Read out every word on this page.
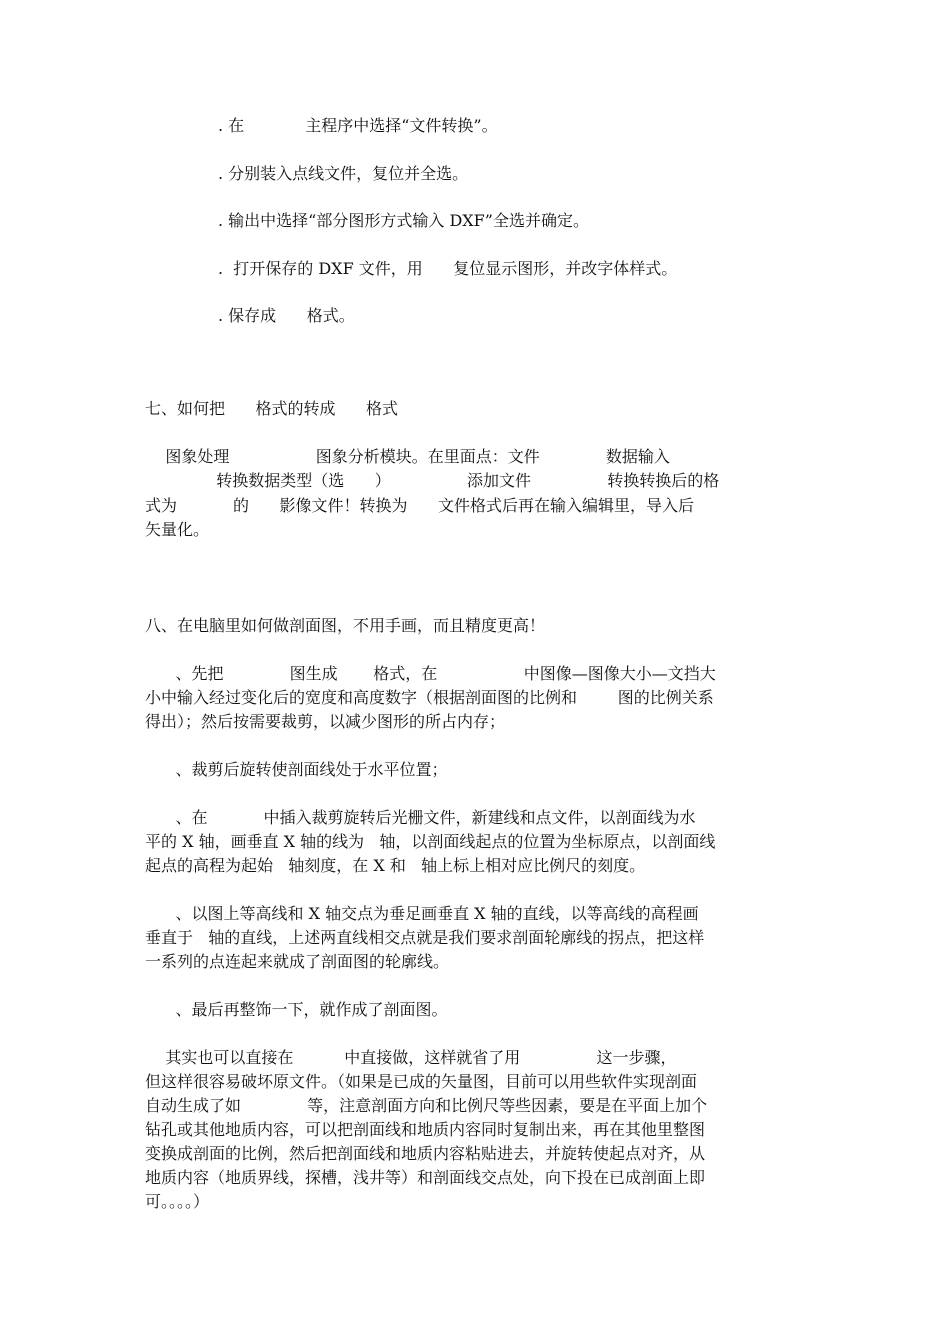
. 在            主程序中选择“文件转换”。
. 分别装入点线文件，复位并全选。
. 输出中选择“部分图形方式输入 DXF”全选并确定。
.  打开保存的 DXF 文件，用      复位显示图形，并改字体样式。
. 保存成      格式。
七、如何把      格式的转成      格式
图象处理                 图象分析模块。在里面点：文件             数据输入
转换数据类型（选      ）               添加文件               转换转换后的格
式为           的      影像文件！转换为      文件格式后再在输入编辑里，导入后
矢量化。
八、在电脑里如何做剖面图，不用手画，而且精度更高！
、先把             图生成       格式，在                 中图像—图像大小—文挡大
小中输入经过变化后的宽度和高度数字（根据剖面图的比例和        图的比例关系
得出）；然后按需要裁剪，以减少图形的所占内存；
、裁剪后旋转使剖面线处于水平位置；
、在           中插入裁剪旋转后光栅文件，新建线和点文件，以剖面线为水
平的 X 轴，画垂直 X 轴的线为   轴，以剖面线起点的位置为坐标原点，以剖面线
起点的高程为起始   轴刻度，在 X 和   轴上标上相对应比例尺的刻度。
、以图上等高线和 X 轴交点为垂足画垂直 X 轴的直线，以等高线的高程画
垂直于   轴的直线，上述两直线相交点就是我们要求剖面轮廓线的拐点，把这样
一系列的点连起来就成了剖面图的轮廓线。
、最后再整饰一下，就作成了剖面图。
其实也可以直接在          中直接做，这样就省了用               这一步骤，
但这样很容易破坏原文件。（如果是已成的矢量图，目前可以用些软件实现剖面
自动生成了如             等，注意剖面方向和比例尺等些因素，要是在平面上加个
钻孔或其他地质内容，可以把剖面线和地质内容同时复制出来，再在其他里整图
变换成剖面的比例，然后把剖面线和地质内容粘贴进去，并旋转使起点对齐，从
地质内容（地质界线，探槽，浅井等）和剖面线交点处，向下投在已成剖面上即
可。。。。）
